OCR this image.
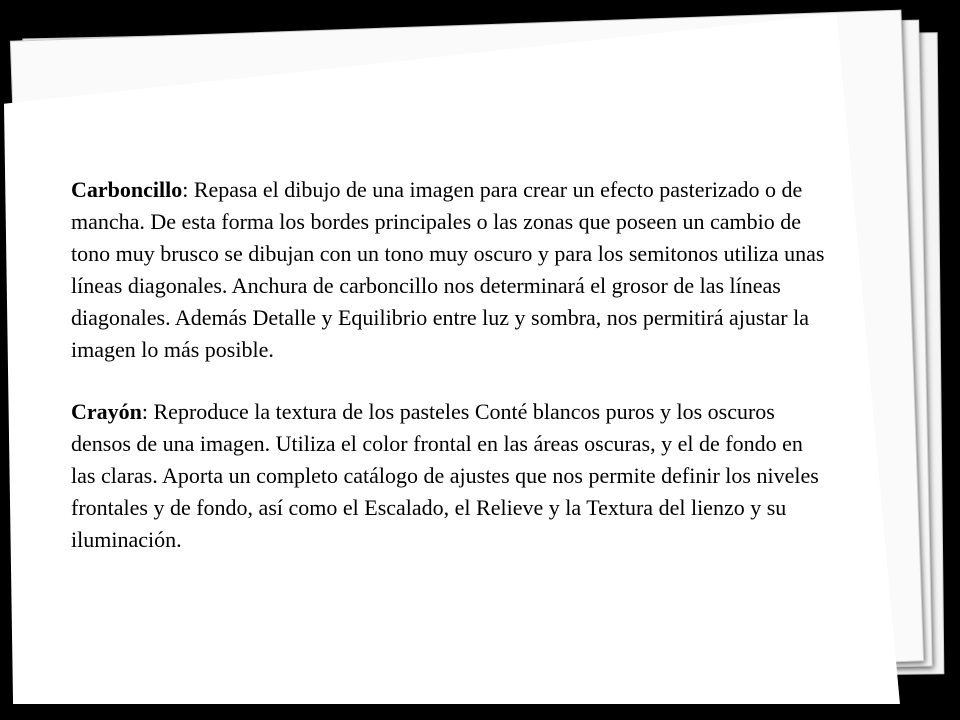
Carboncillo: Repasa el dibujo de una imagen para crear un efecto pasterizado o de mancha. De esta forma los bordes principales o las zonas que poseen un cambio de tono muy brusco se dibujan con un tono muy oscuro y para los semitonos utiliza unas líneas diagonales. Anchura de carboncillo nos determinará el grosor de las líneas diagonales. Además Detalle y Equilibrio entre luz y sombra, nos permitirá ajustar la imagen lo más posible.

Crayón: Reproduce la textura de los pasteles Conté blancos puros y los oscuros densos de una imagen. Utiliza el color frontal en las áreas oscuras, y el de fondo en las claras. Aporta un completo catálogo de ajustes que nos permite definir los niveles frontales y de fondo, así como el Escalado, el Relieve y la Textura del lienzo y su iluminación.
